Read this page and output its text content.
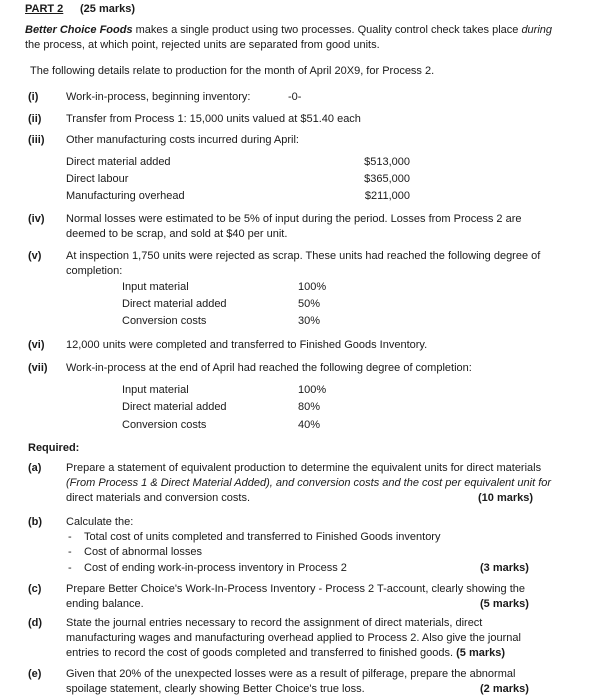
PART 2 (25 marks)
Better Choice Foods makes a single product using two processes. Quality control check takes place during
the process, at which point, rejected units are separated from good units.
The following details relate to production for the month of April 20X9, for Process 2.
(i)	Work-in-process, beginning inventory:	-0-
(ii) Transfer from Process 1: 15,000 units valued at $51.40 each
(iii) Other manufacturing costs incurred during April:
Direct material added	$513,000
Direct labour	$365,000
Manufacturing overhead	$211,000
(iv) Normal losses were estimated to be 5% of input during the period. Losses from Process 2 are
deemed to be scrap, and sold at $40 per unit.
(v) At inspection 1,750 units were rejected as scrap. These units had reached the following degree of
completion:
Input material	100%
Direct material added	50%
Conversion costs	30%
(vi) 12,000 units were completed and transferred to Finished Goods Inventory.
(vii) Work-in-process at the end of April had reached the following degree of completion:
Input material	100%
Direct material added	80%
Conversion costs	40%
Required:
(a) Prepare a statement of equivalent production to determine the equivalent units for direct materials
(From Process 1 & Direct Material Added), and conversion costs and the cost per equivalent unit for
direct materials and conversion costs.	(10 marks)
(b) Calculate the:
- Total cost of units completed and transferred to Finished Goods inventory
- Cost of abnormal losses
- Cost of ending work-in-process inventory in Process 2	(3 marks)
(c) Prepare Better Choice's Work-In-Process Inventory - Process 2 T-account, clearly showing the
ending balance.	(5 marks)
(d) State the journal entries necessary to record the assignment of direct materials, direct
manufacturing wages and manufacturing overhead applied to Process 2. Also give the journal
entries to record the cost of goods completed and transferred to finished goods. (5 marks)
(e) Given that 20% of the unexpected losses were as a result of pilferage, prepare the abnormal
spoilage statement, clearly showing Better Choice's true loss.	(2 marks)
